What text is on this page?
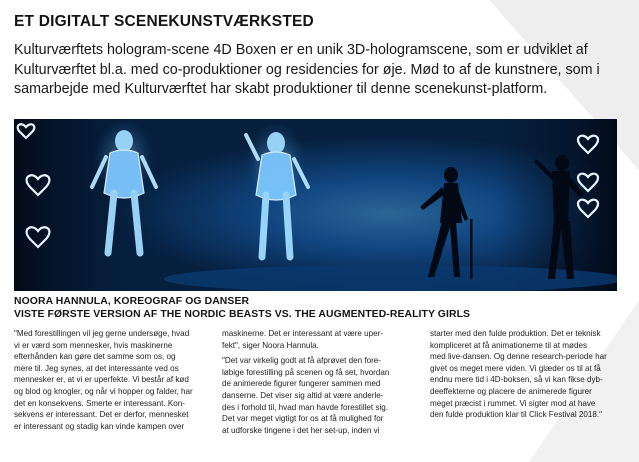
ET DIGITALT SCENEKUNSTVÆRKSTED
Kulturværftets hologram-scene 4D Boxen er en unik 3D-hologramscene, som er udviklet af
Kulturværftet bl.a. med co-produktioner og residencies for øje. Mød to af de kunstnere, som i
samarbejde med Kulturværftet har skabt produktioner til denne scenekunst-platform.
NOORA HANNULA, KOREOGRAF OG DANSER
VISTE FØRSTE VERSION AF THE NORDIC BEASTS VS. THE AUGMENTED-REALITY GIRLS

"Med forestillingen vil jeg gerne undersøge, hvad
vi er værd som mennesker, hvis maskinerne
efterhånden kan gøre det samme som os, og
mere til. Jeg synes, at det interessante ved os
mennesker er, at vi er uperfekte. Vi består af kød
og blod og knogler, og når vi hopper og falder, har
det en konsekvens. Smerte er interessant. Kon-
sekvens er interessant. Det er derfor, mennesket
er interessant og stadig kan vinde kampen over

maskinerne. Det er interessant at være uper-
fekt", siger Noora Hannula.

"Det var virkelig godt at få afprøvet den fore-
løbige forestilling på scenen og få set, hvordan
de animerede figurer fungerer sammen med
danserne. Det viser sig altid at være anderle-
des i forhold til, hvad man havde forestillet sig.
Det var meget vigtigt for os at få mulighed for
at udforske tingene i det her set-up, inden vi

starter med den fulde produktion. Det er teknisk
kompliceret at få animationerne til at mødes
med live-dansen. Og denne research-periode har
givet os meget mere viden. Vi glæder os til at få
endnu mere tid i 4D-boksen, så vi kan fikse dyb-
deeffekterne og placere de animerede figurer
meget præcist i rummet. Vi sigter mod at have
den fulde produktion klar til Click Festival 2018."
